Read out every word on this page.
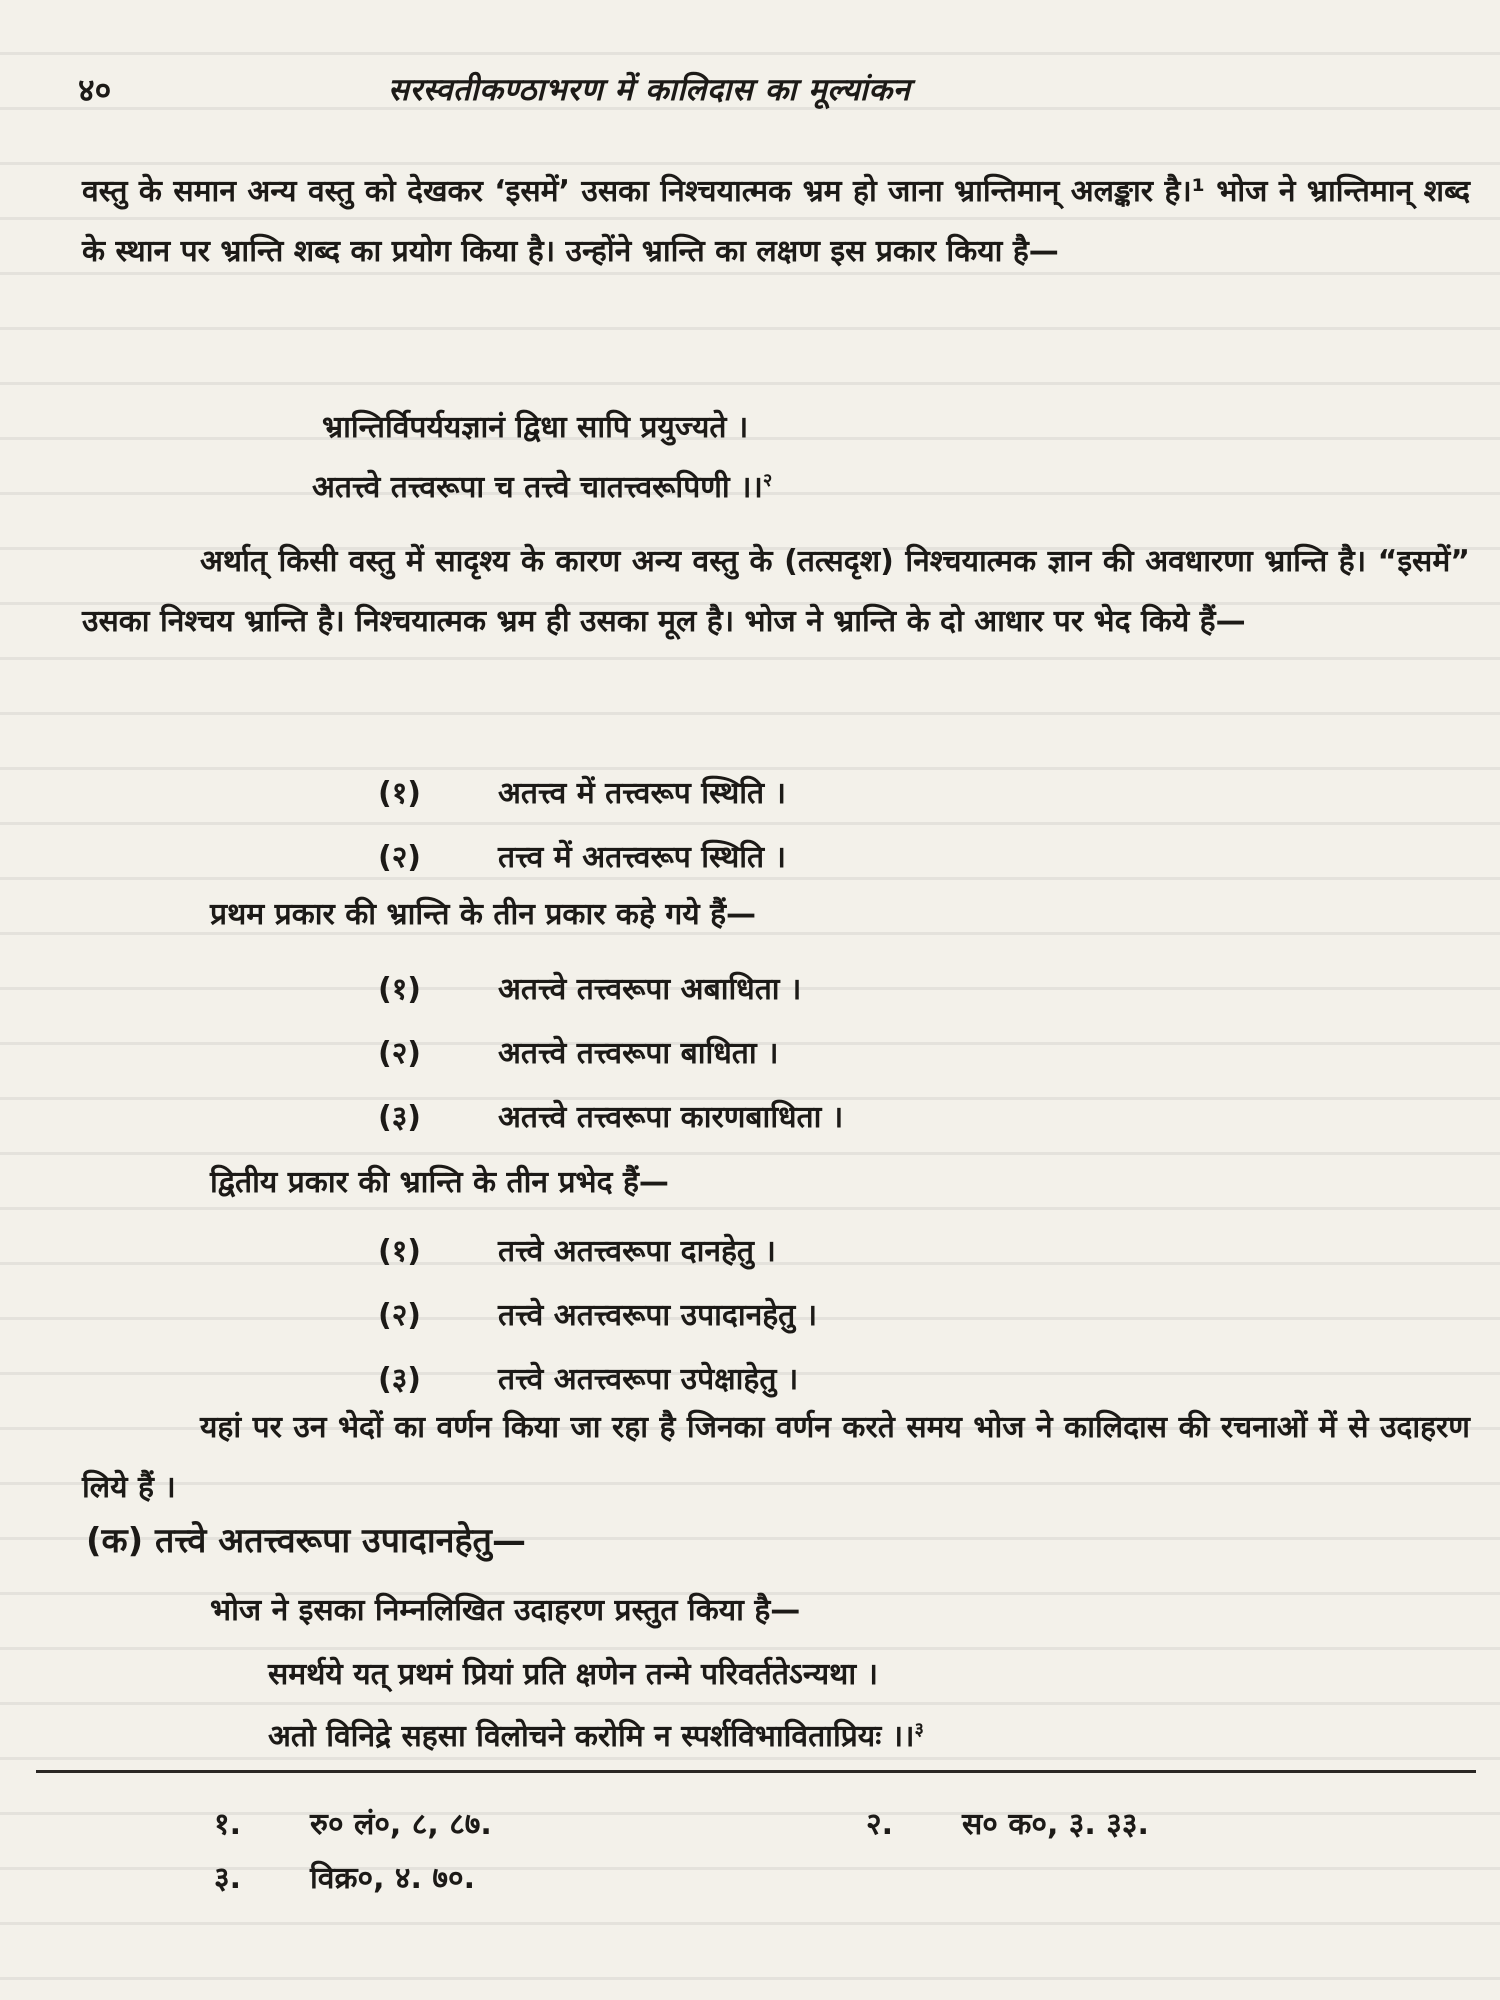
४०	सरस्वतीकण्ठाभरण में कालिदास का मूल्यांकन

वस्तु के समान अन्य वस्तु को देखकर ‘इसमें’ उसका निश्चयात्मक भ्रम हो जाना भ्रान्तिमान् अलङ्कार है।¹ भोज ने भ्रान्तिमान् शब्द के स्थान पर भ्रान्ति शब्द का प्रयोग किया है। उन्होंने भ्रान्ति का लक्षण इस प्रकार किया है—

भ्रान्तिर्विपर्ययज्ञानं द्विधा सापि प्रयुज्यते ।
अतत्त्वे तत्त्वरूपा च तत्त्वे चातत्त्वरूपिणी ।।$^२$

अर्थात् किसी वस्तु में सादृश्य के कारण अन्य वस्तु के (तत्सदृश) निश्चयात्मक ज्ञान की अवधारणा भ्रान्ति है। “इसमें” उसका निश्चय भ्रान्ति है। निश्चयात्मक भ्रम ही उसका मूल है। भोज ने भ्रान्ति के दो आधार पर भेद किये हैं—

(१)	अतत्त्व में तत्त्वरूप स्थिति ।
(२)	तत्त्व में अतत्त्वरूप स्थिति ।
प्रथम प्रकार की भ्रान्ति के तीन प्रकार कहे गये हैं—
(१)	अतत्त्वे तत्त्वरूपा अबाधिता ।
(२)	अतत्त्वे तत्त्वरूपा बाधिता ।
(३)	अतत्त्वे तत्त्वरूपा कारणबाधिता ।
द्वितीय प्रकार की भ्रान्ति के तीन प्रभेद हैं—
(१)	तत्त्वे अतत्त्वरूपा दानहेतु ।
(२)	तत्त्वे अतत्त्वरूपा उपादानहेतु ।
(३)	तत्त्वे अतत्त्वरूपा उपेक्षाहेतु ।

यहां पर उन भेदों का वर्णन किया जा रहा है जिनका वर्णन करते समय भोज ने कालिदास की रचनाओं में से उदाहरण लिये हैं ।

(क) तत्त्वे अतत्त्वरूपा उपादानहेतु—
भोज ने इसका निम्नलिखित उदाहरण प्रस्तुत किया है—
समर्थये यत् प्रथमं प्रियां प्रति क्षणेन तन्मे परिवर्ततेऽन्यथा ।
अतो विनिद्रे सहसा विलोचने करोमि न स्पर्शविभाविताप्रियः ।।$^३$
१. रु० लं०, ८, ८७.	२. स० क०, ३. ३३.
३. विक्र०, ४. ७०.
